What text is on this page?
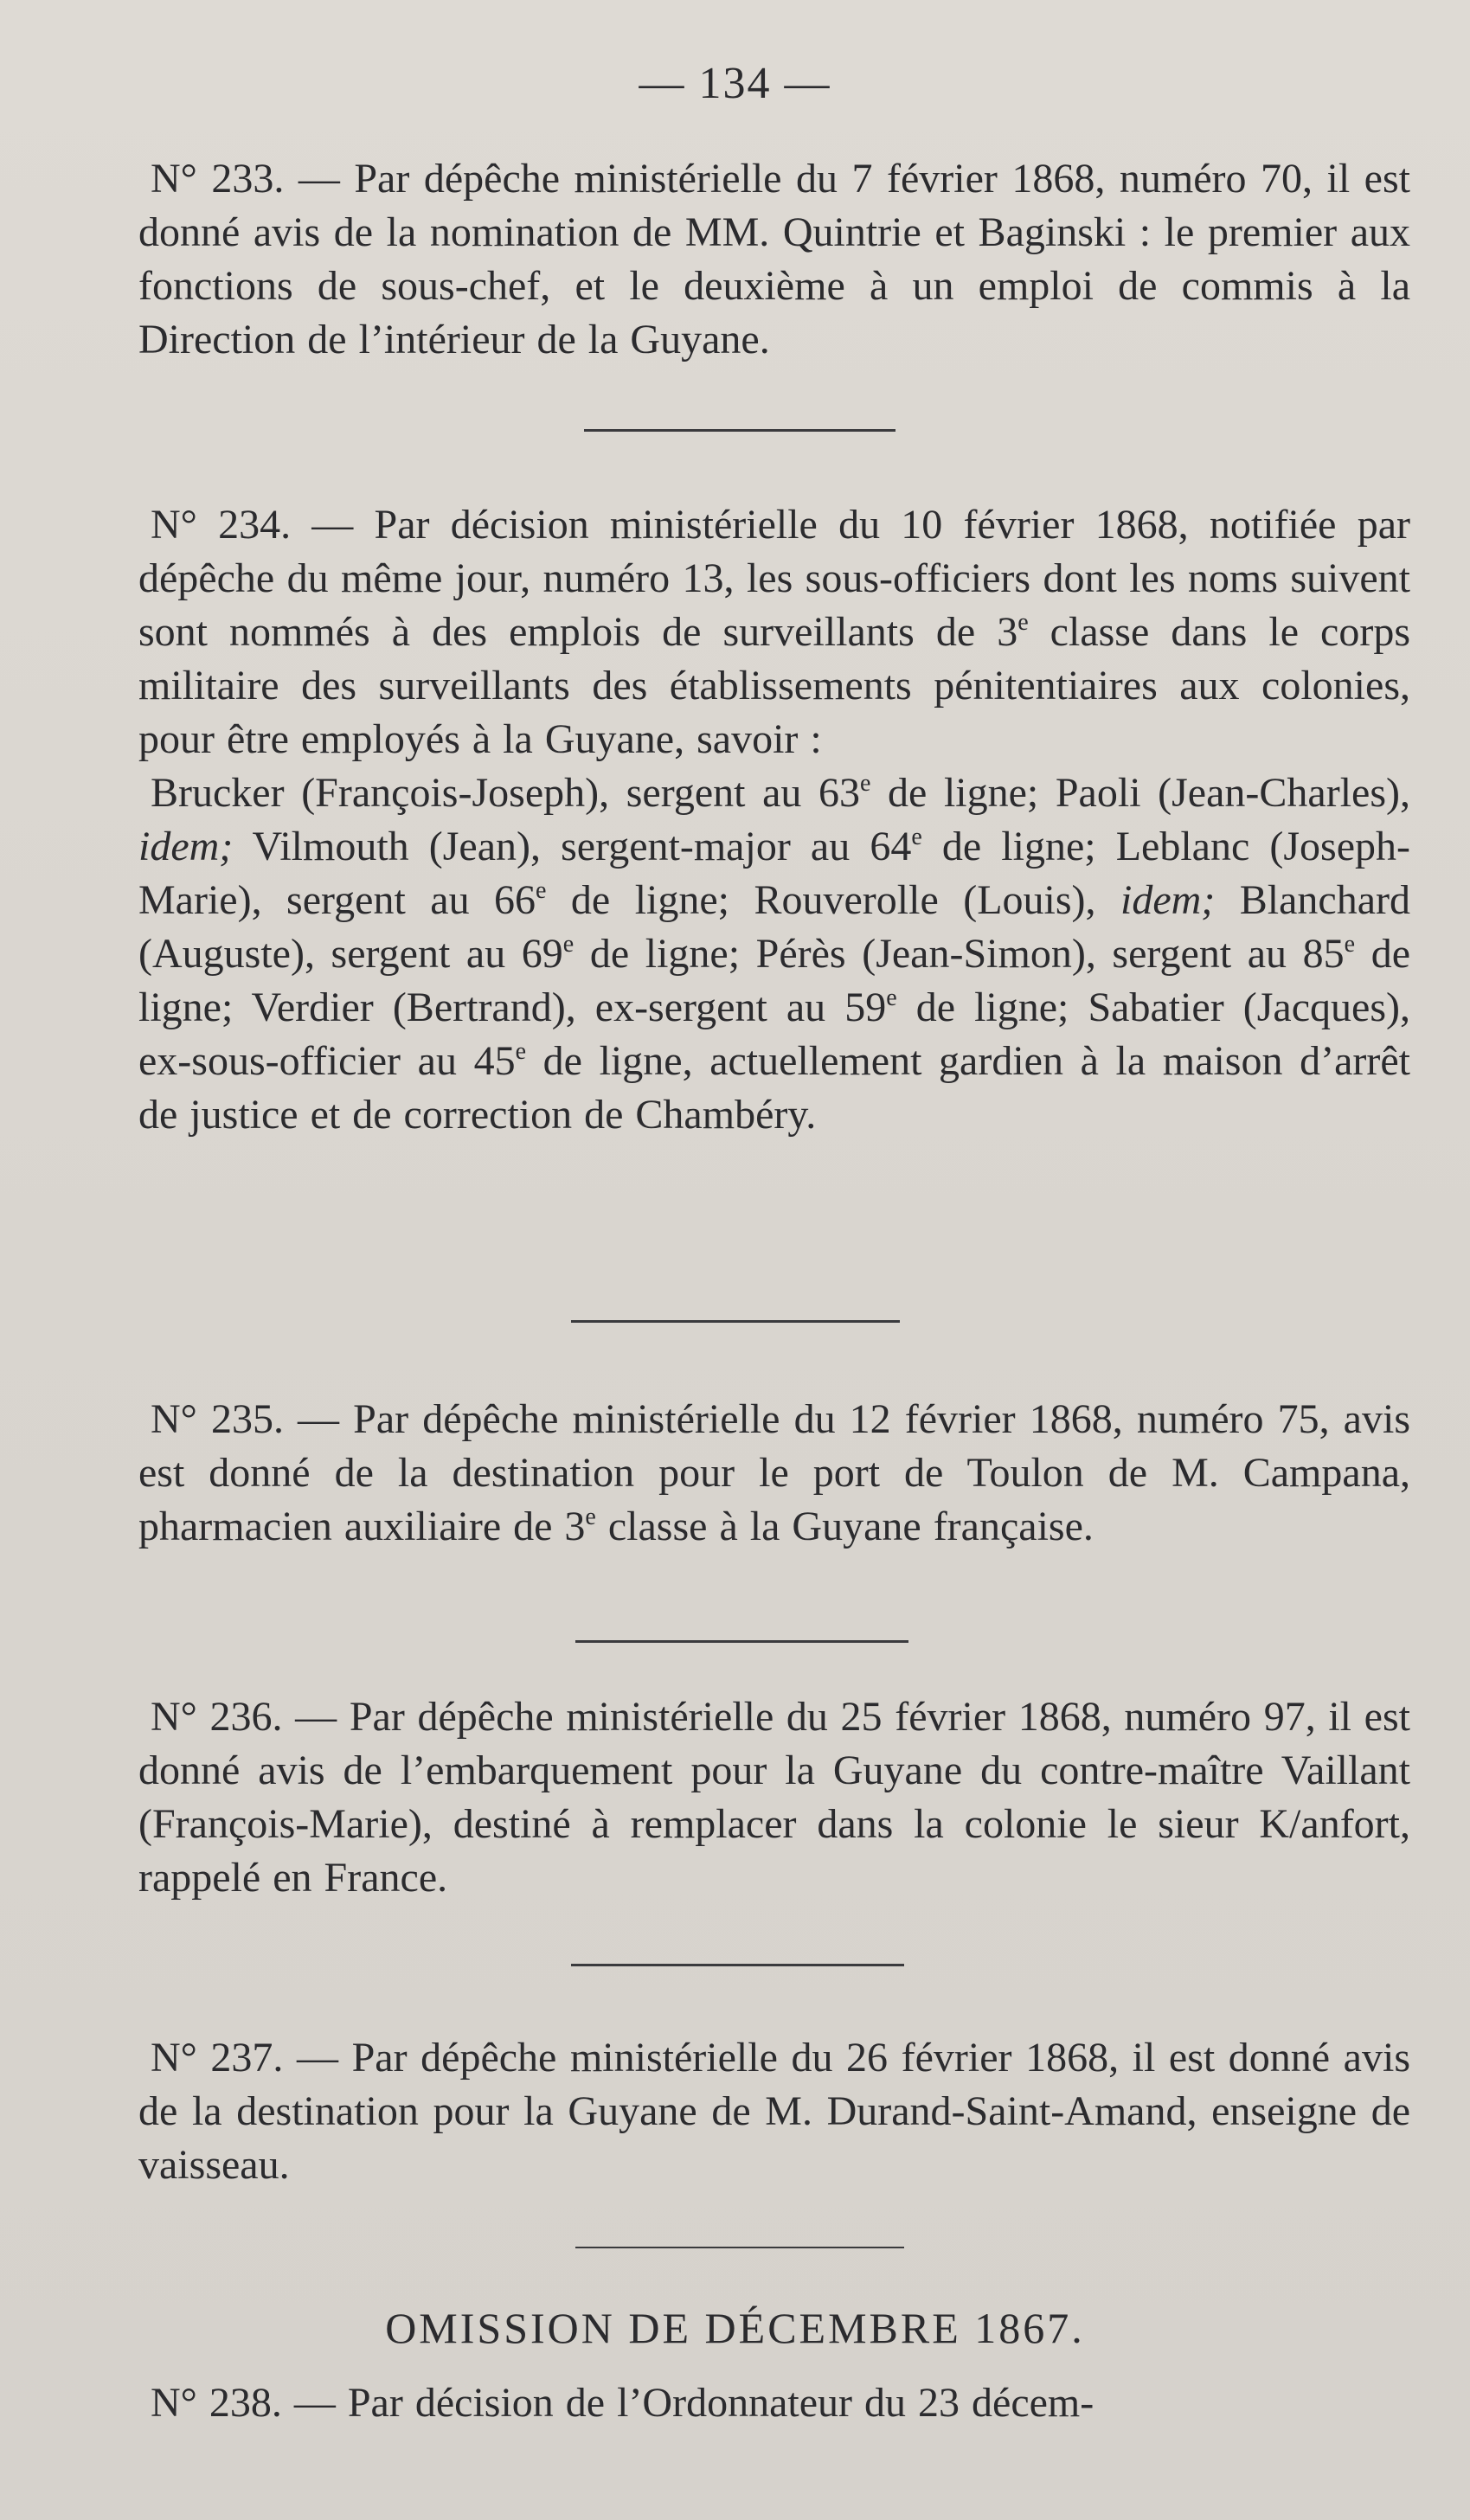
— 134 —

N° 233. — Par dépêche ministérielle du 7 février 1868, numéro 70, il est donné avis de la nomination de MM. Quintrie et Baginski : le premier aux fonctions de sous-chef, et le deuxième à un emploi de commis à la Direction de l’intérieur de la Guyane.

N° 234. — Par décision ministérielle du 10 février 1868, notifiée par dépêche du même jour, numéro 13, les sous-officiers dont les noms suivent sont nommés à des emplois de surveillants de 3e classe dans le corps militaire des surveillants des établissements pénitentiaires aux colonies, pour être employés à la Guyane, savoir :

Brucker (François-Joseph), sergent au 63e de ligne; Paoli (Jean-Charles), idem; Vilmouth (Jean), sergent-major au 64e de ligne; Leblanc (Joseph-Marie), sergent au 66e de ligne; Rouverolle (Louis), idem; Blanchard (Auguste), sergent au 69e de ligne; Pérès (Jean-Simon), sergent au 85e de ligne; Verdier (Bertrand), ex-sergent au 59e de ligne; Sabatier (Jacques), ex-sous-officier au 45e de ligne, actuellement gardien à la maison d’arrêt de justice et de correction de Chambéry.

N° 235. — Par dépêche ministérielle du 12 février 1868, numéro 75, avis est donné de la destination pour le port de Toulon de M. Campana, pharmacien auxiliaire de 3e classe à la Guyane française.

N° 236. — Par dépêche ministérielle du 25 février 1868, numéro 97, il est donné avis de l’embarquement pour la Guyane du contre-maître Vaillant (François-Marie), destiné à remplacer dans la colonie le sieur K/anfort, rappelé en France.

N° 237. — Par dépêche ministérielle du 26 février 1868, il est donné avis de la destination pour la Guyane de M. Durand-Saint-Amand, enseigne de vaisseau.

OMISSION DE DÉCEMBRE 1867.

N° 238. — Par décision de l’Ordonnateur du 23 décem-
